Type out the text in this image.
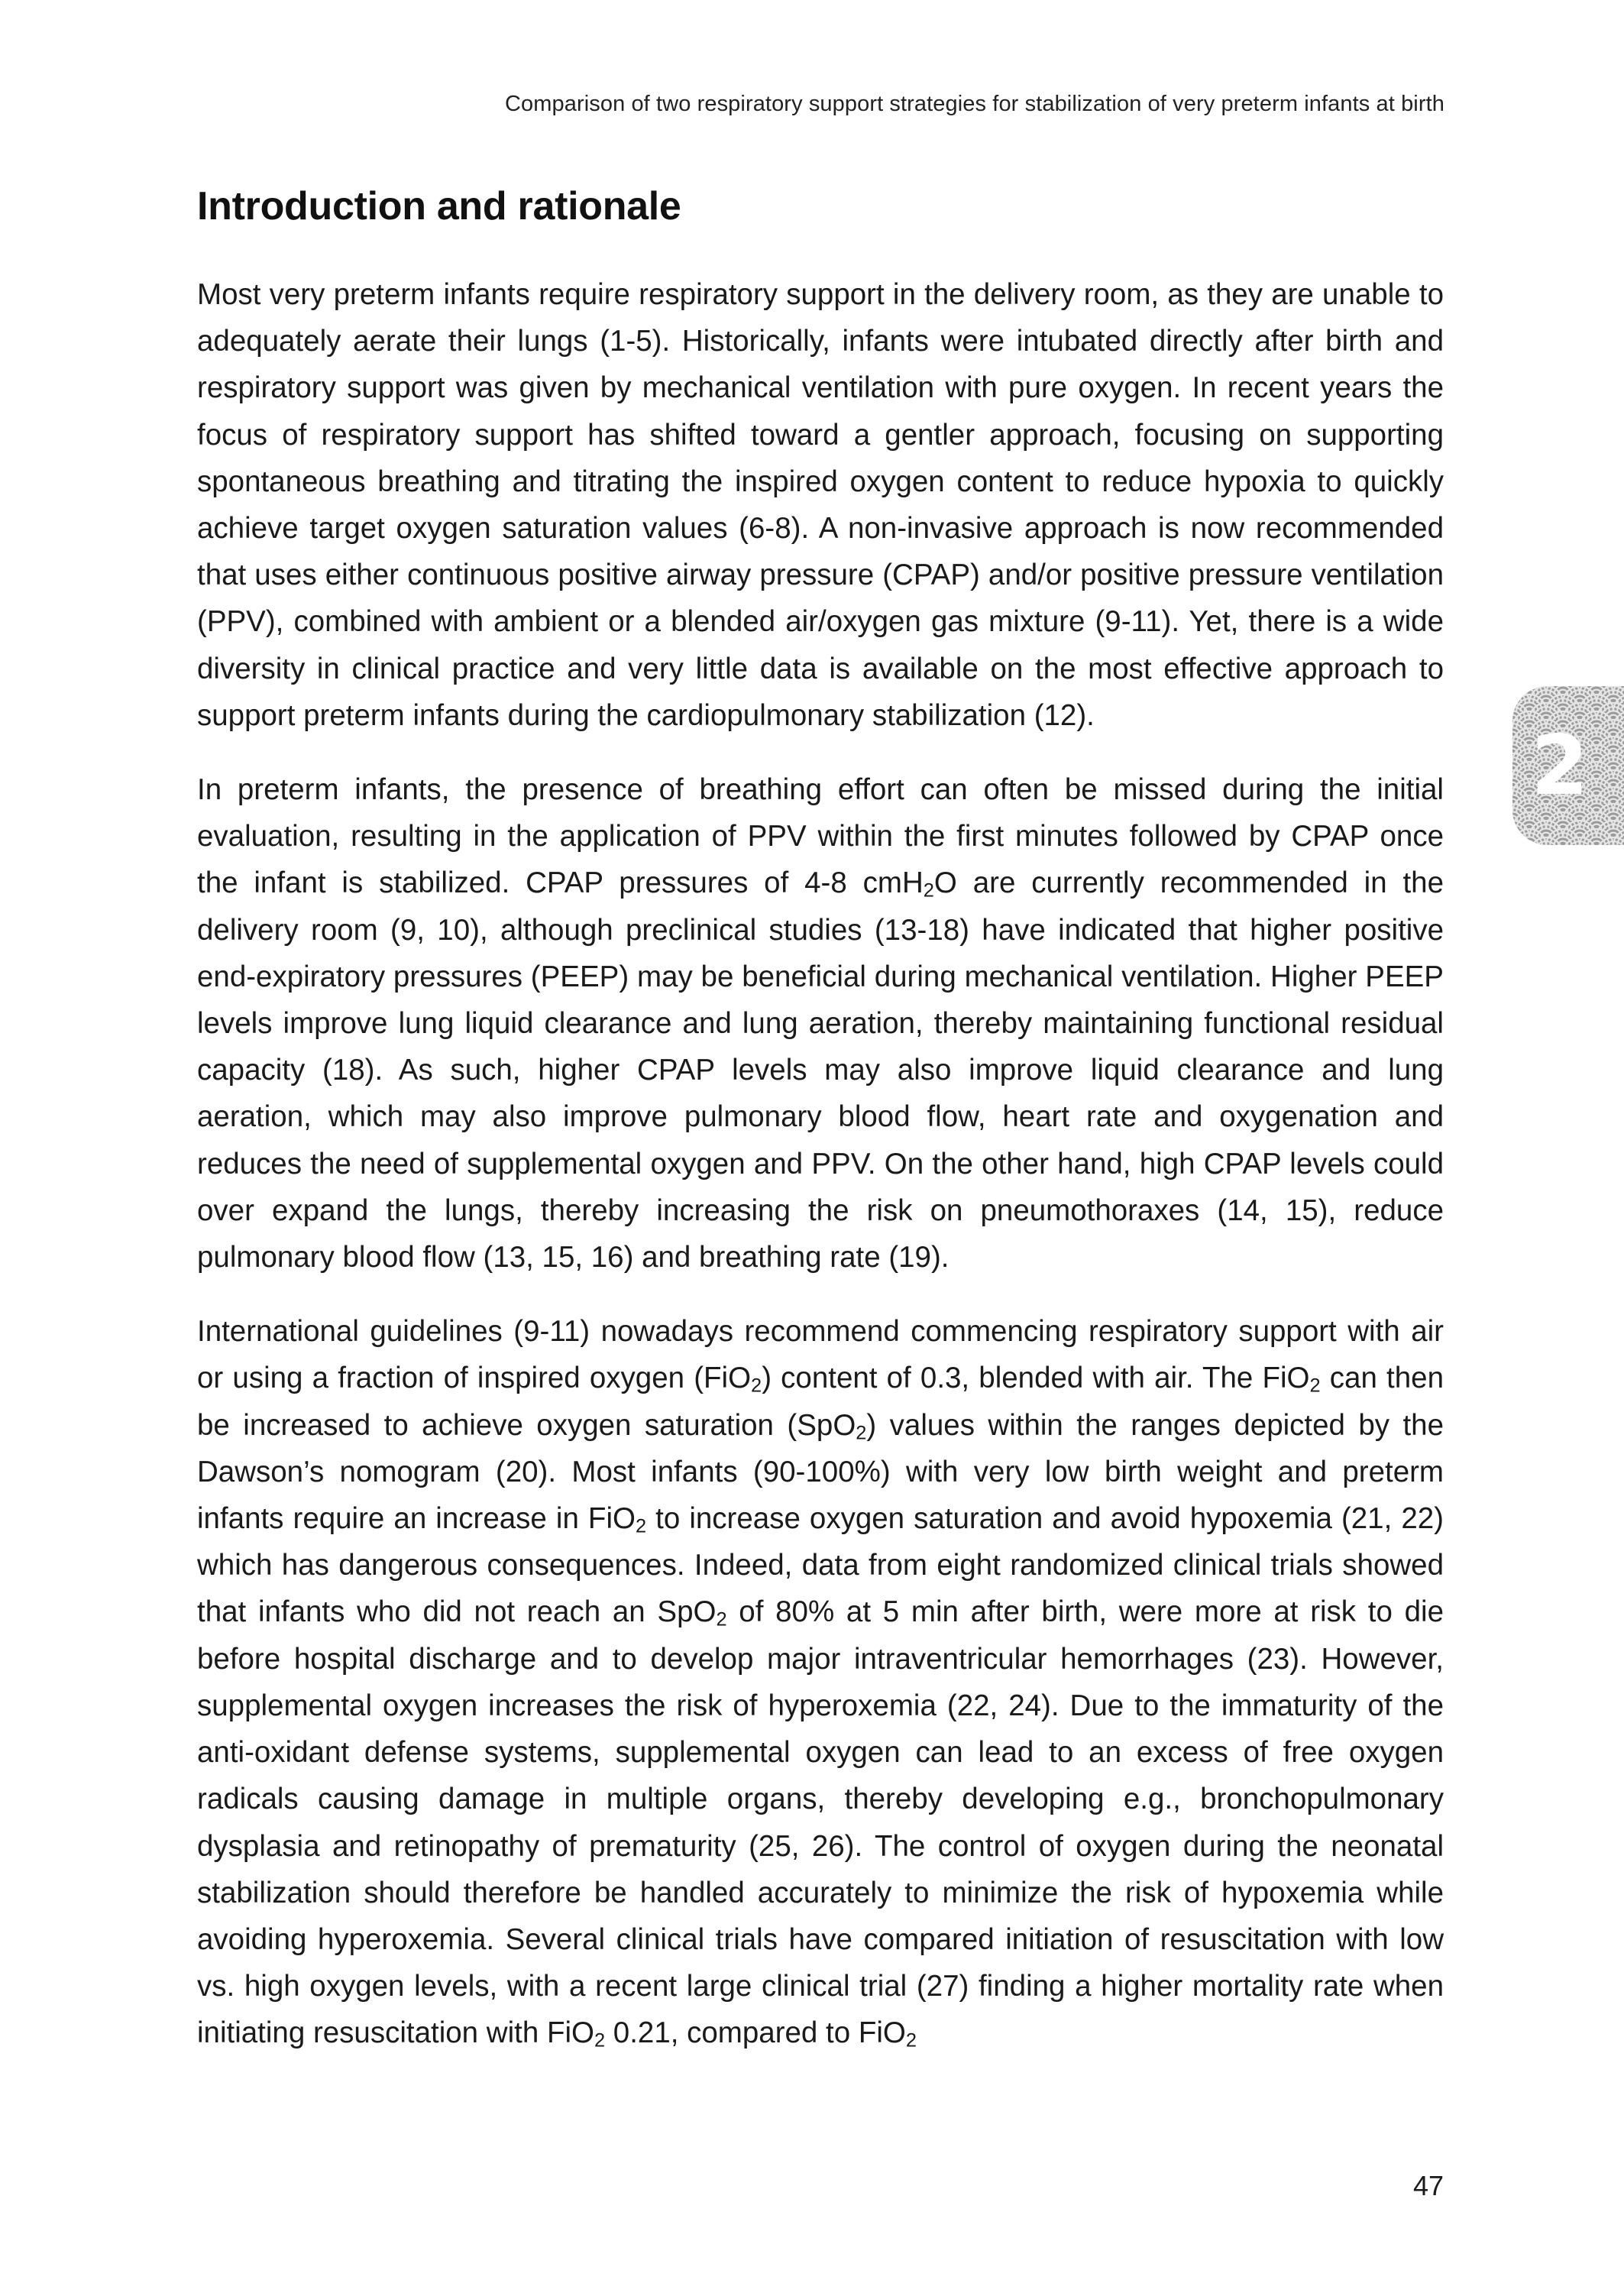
Comparison of two respiratory support strategies for stabilization of very preterm infants at birth
Introduction and rationale

Most very preterm infants require respiratory support in the delivery room, as they are unable to adequately aerate their lungs (1-5). Historically, infants were intubated directly after birth and respiratory support was given by mechanical ventilation with pure oxygen. In recent years the focus of respiratory support has shifted toward a gentler approach, focusing on supporting spontaneous breathing and titrating the inspired oxygen content to reduce hypoxia to quickly achieve target oxygen saturation values (6-8). A non-invasive approach is now recommended that uses either continuous positive airway pressure (CPAP) and/or positive pressure ventilation (PPV), combined with ambient or a blended air/oxygen gas mixture (9-11). Yet, there is a wide diversity in clinical practice and very little data is available on the most effective approach to support preterm infants during the cardiopulmonary stabilization (12).

In preterm infants, the presence of breathing effort can often be missed during the initial evaluation, resulting in the application of PPV within the first minutes followed by CPAP once the infant is stabilized. CPAP pressures of 4-8 cmH$_2$O are currently recommended in the delivery room (9, 10), although preclinical studies (13-18) have indicated that higher positive end-expiratory pressures (PEEP) may be beneficial during mechanical ventilation. Higher PEEP levels improve lung liquid clearance and lung aeration, thereby maintaining functional residual capacity (18). As such, higher CPAP levels may also improve liquid clearance and lung aeration, which may also improve pulmonary blood flow, heart rate and oxygenation and reduces the need of supplemental oxygen and PPV. On the other hand, high CPAP levels could over expand the lungs, thereby increasing the risk on pneumothoraxes (14, 15), reduce pulmonary blood flow (13, 15, 16) and breathing rate (19).

International guidelines (9-11) nowadays recommend commencing respiratory support with air or using a fraction of inspired oxygen (FiO$_2$) content of 0.3, blended with air. The FiO$_2$ can then be increased to achieve oxygen saturation (SpO$_2$) values within the ranges depicted by the Dawson’s nomogram (20). Most infants (90-100%) with very low birth weight and preterm infants require an increase in FiO$_2$ to increase oxygen saturation and avoid hypoxemia (21, 22) which has dangerous consequences. Indeed, data from eight randomized clinical trials showed that infants who did not reach an SpO$_2$ of 80% at 5 min after birth, were more at risk to die before hospital discharge and to develop major intraventricular hemorrhages (23). However, supplemental oxygen increases the risk of hyperoxemia (22, 24). Due to the immaturity of the anti-oxidant defense systems, supplemental oxygen can lead to an excess of free oxygen radicals causing damage in multiple organs, thereby developing e.g., bronchopulmonary dysplasia and retinopathy of prematurity (25, 26). The control of oxygen during the neonatal stabilization should therefore be handled accurately to minimize the risk of hypoxemia while avoiding hyperoxemia. Several clinical trials have compared initiation of resuscitation with low vs. high oxygen levels, with a recent large clinical trial (27) finding a higher mortality rate when initiating resuscitation with FiO$_2$ 0.21, compared to FiO$_2$

2
47
